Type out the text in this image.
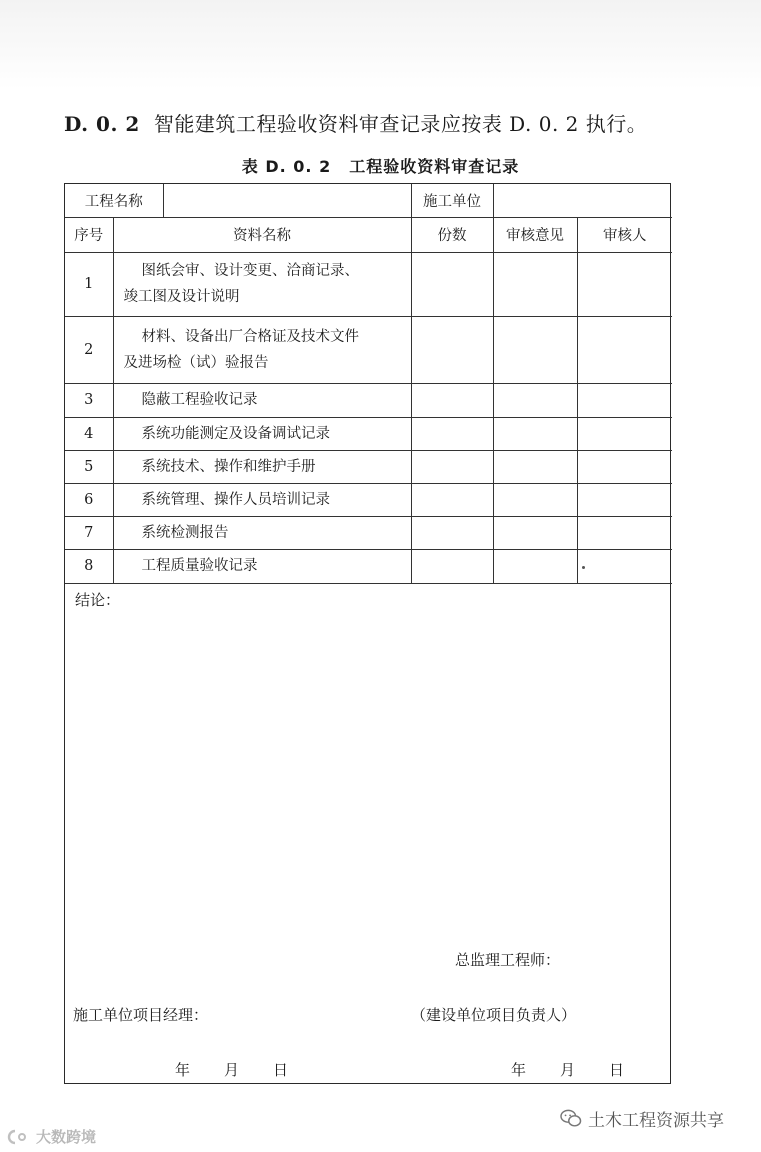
D. 0. 2 智能建筑工程验收资料审查记录应按表 D. 0. 2 执行。
表 D. 0. 2 工程验收资料审查记录
工程名称			施工单位		
序号	资料名称		份数	审核意见	审核人
1	图纸会审、设计变更、洽商记录、
竣工图及设计说明				
2	材料、设备出厂合格证及技术文件
及进场检（试）验报告				
3	隐蔽工程验收记录				
4	系统功能测定及设备调试记录				
5	系统技术、操作和维护手册				
6	系统管理、操作人员培训记录				
7	系统检测报告				
8	工程质量验收记录				
结论：
总监理工程师：
施工单位项目经理：	（建设单位项目负责人）
年 月 日	年 月 日
土木工程资源共享
大数跨境
